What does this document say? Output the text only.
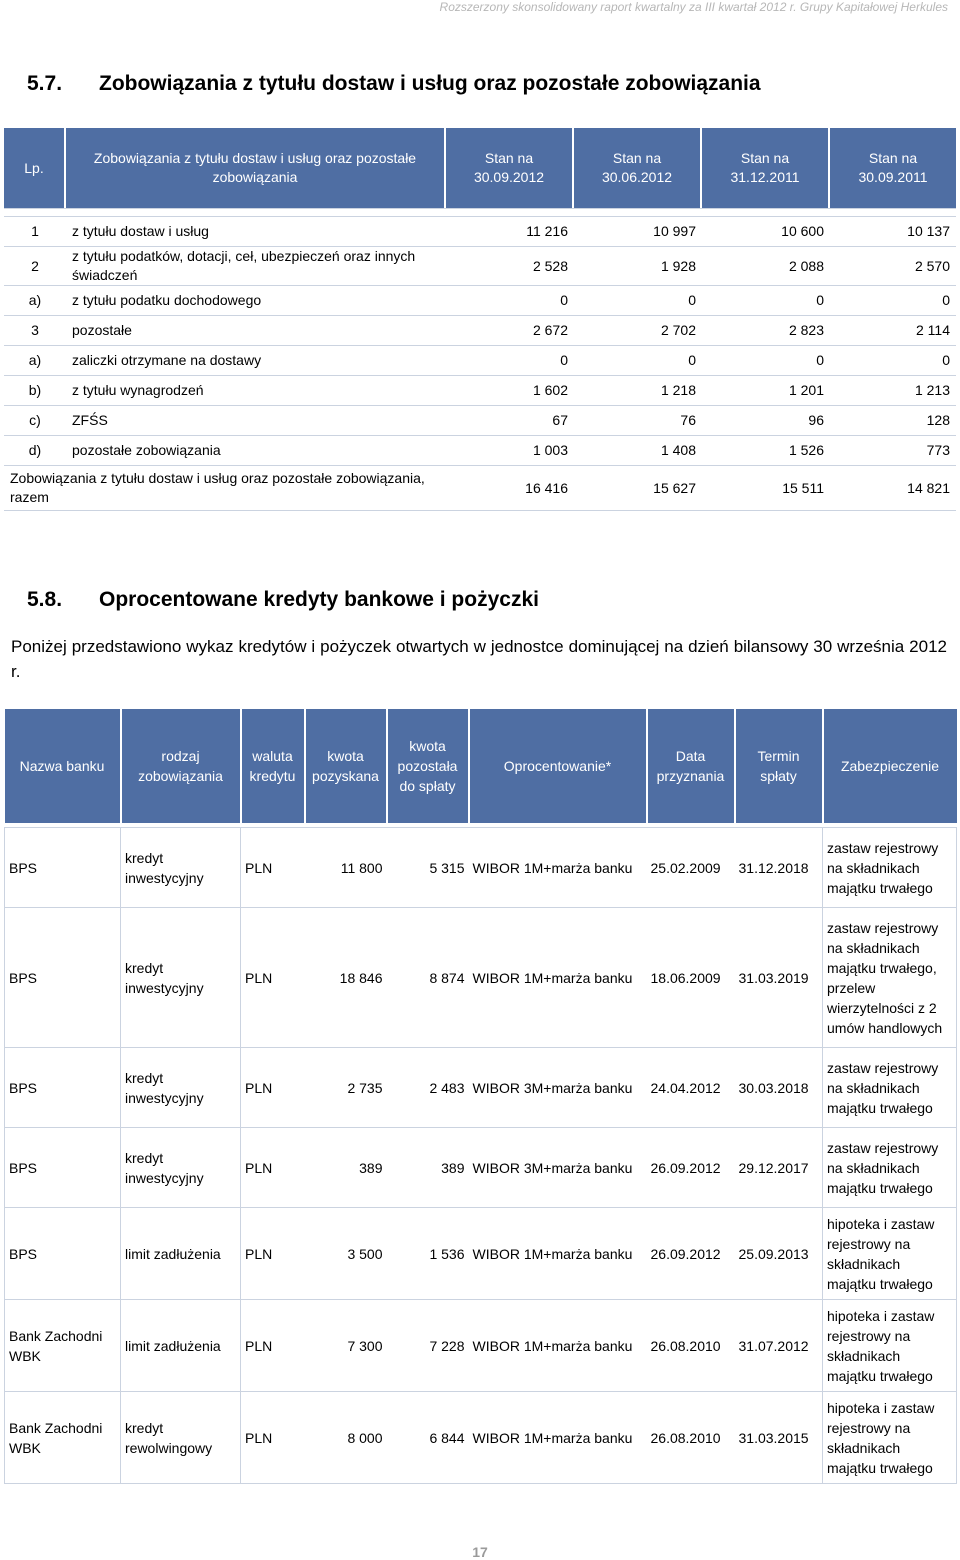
Rozszerzony skonsolidowany raport kwartalny za III kwartał 2012 r. Grupy Kapitałowej Herkules
5.7. Zobowiązania z tytułu dostaw i usług oraz pozostałe zobowiązania
Lp.	Zobowiązania z tytułu dostaw i usług oraz pozostałe zobowiązania	Stan na 30.09.2012	Stan na 30.06.2012	Stan na 31.12.2011	Stan na 30.09.2011

1	z tytułu dostaw i usług	11 216	10 997	10 600	10 137
2	z tytułu podatków, dotacji, ceł, ubezpieczeń oraz innych świadczeń	2 528	1 928	2 088	2 570
a)	z tytułu podatku dochodowego	0	0	0	0
3	pozostałe	2 672	2 702	2 823	2 114
a)	zaliczki otrzymane na dostawy	0	0	0	0
b)	z tytułu wynagrodzeń	1 602	1 218	1 201	1 213
c)	ZFŚS	67	76	96	128
d)	pozostałe zobowiązania	1 003	1 408	1 526	773
Zobowiązania z tytułu dostaw i usług oraz pozostałe zobowiązania, razem		16 416	15 627	15 511	14 821

Poniżej przedstawiono wykaz kredytów i pożyczek otwartych w jednostce dominującej na dzień bilansowy 30 września 2012 r.

5.8. Oprocentowane kredyty bankowe i pożyczki
Nazwa banku	rodzaj zobowiązania	waluta kredytu	kwota pozyskana	kwota pozostała do spłaty	Oprocentowanie*	Data przyznania	Termin spłaty	Zabezpieczenie

BPS	kredyt inwestycyjny	PLN	11 800	5 315	WIBOR 1M+marża banku	25.02.2009	31.12.2018	zastaw rejestrowy na składnikach majątku trwałego
BPS	kredyt inwestycyjny	PLN	18 846	8 874	WIBOR 1M+marża banku	18.06.2009	31.03.2019	zastaw rejestrowy na składnikach majątku trwałego, przelew wierzytelności z 2 umów handlowych
BPS	kredyt inwestycyjny	PLN	2 735	2 483	WIBOR 3M+marża banku	24.04.2012	30.03.2018	zastaw rejestrowy na składnikach majątku trwałego
BPS	kredyt inwestycyjny	PLN	389	389	WIBOR 3M+marża banku	26.09.2012	29.12.2017	zastaw rejestrowy na składnikach majątku trwałego
BPS	limit zadłużenia	PLN	3 500	1 536	WIBOR 1M+marża banku	26.09.2012	25.09.2013	hipoteka i zastaw rejestrowy na składnikach majątku trwałego
Bank Zachodni WBK	limit zadłużenia	PLN	7 300	7 228	WIBOR 1M+marża banku	26.08.2010	31.07.2012	hipoteka i zastaw rejestrowy na składnikach majątku trwałego
Bank Zachodni WBK	kredyt rewolwingowy	PLN	8 000	6 844	WIBOR 1M+marża banku	26.08.2010	31.03.2015	hipoteka i zastaw rejestrowy na składnikach majątku trwałego
17
